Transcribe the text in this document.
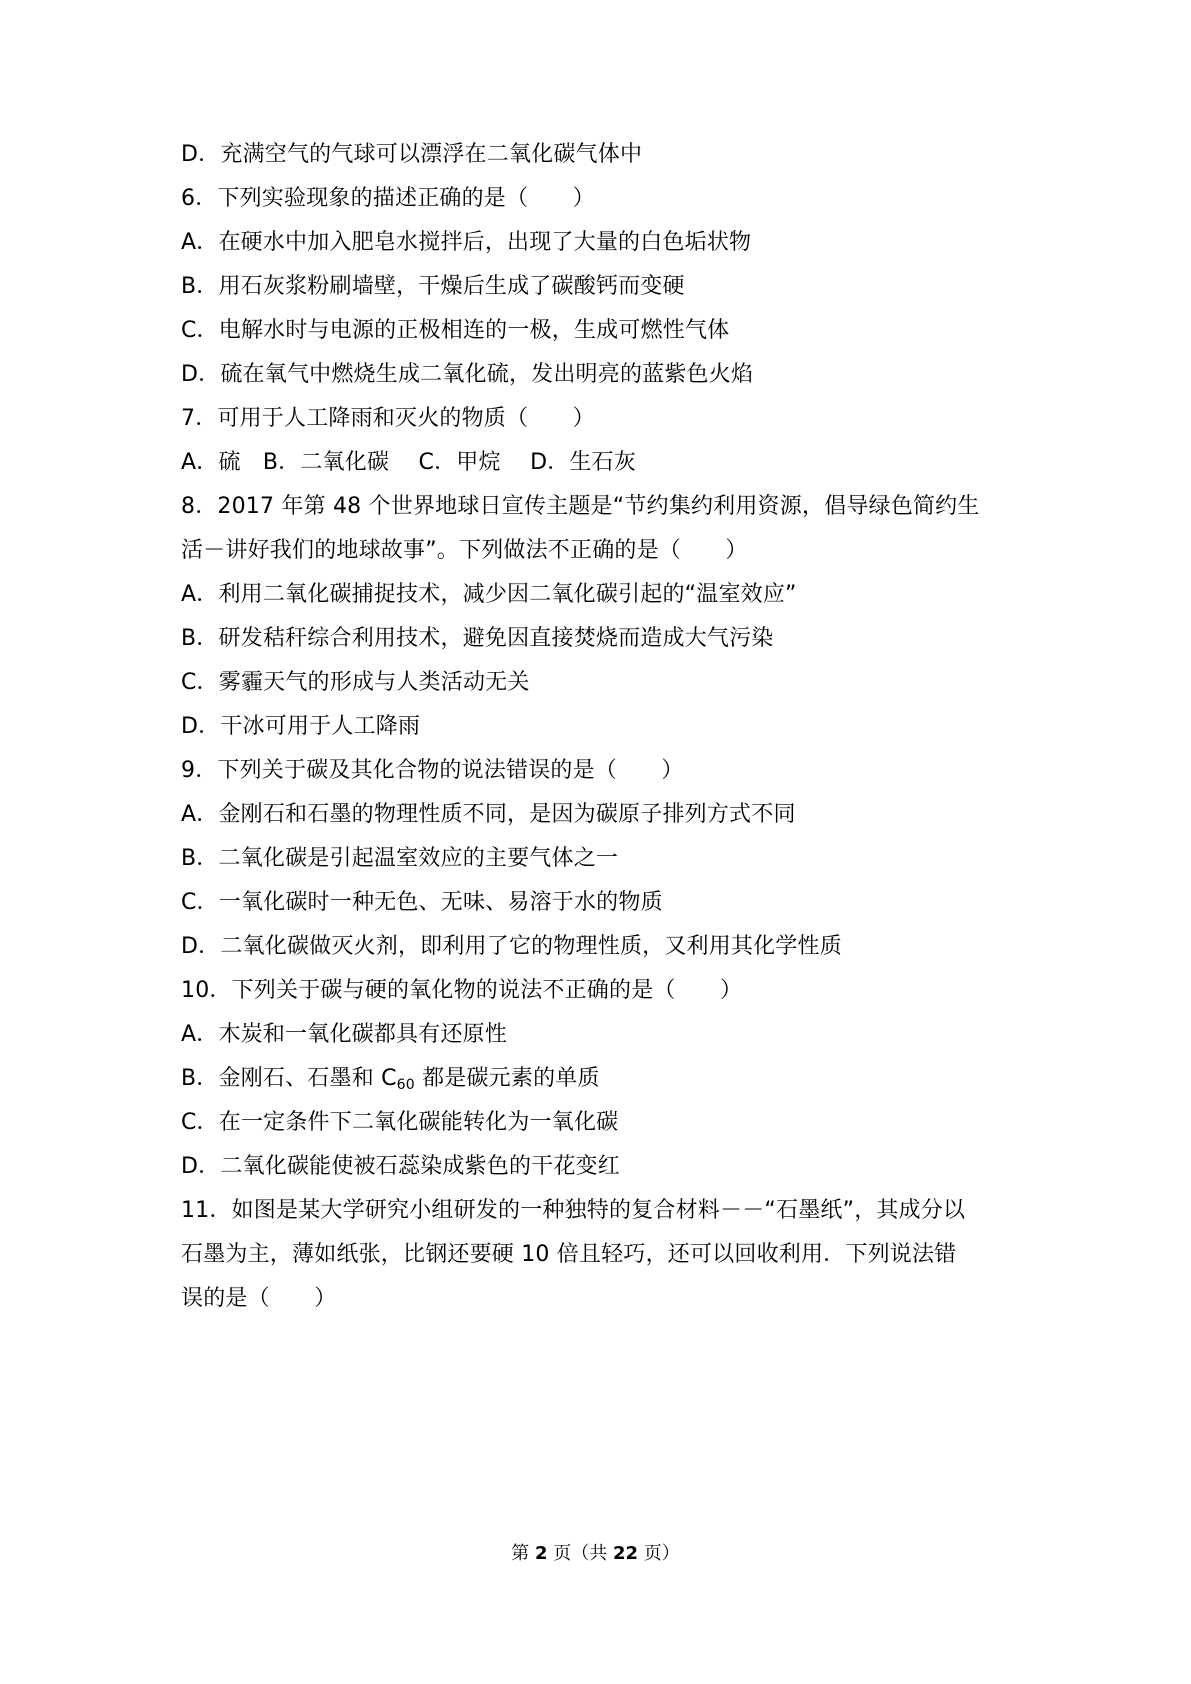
D．充满空气的气球可以漂浮在二氧化碳气体中
6．下列实验现象的描述正确的是（　　）
A．在硬水中加入肥皂水搅拌后，出现了大量的白色垢状物
B．用石灰浆粉刷墙壁，干燥后生成了碳酸钙而变硬
C．电解水时与电源的正极相连的一极，生成可燃性气体
D．硫在氧气中燃烧生成二氧化硫，发出明亮的蓝紫色火焰
7．可用于人工降雨和灭火的物质（　　）
A．硫　B．二氧化碳　 C．甲烷　 D．生石灰
8．2017 年第 48 个世界地球日宣传主题是“节约集约利用资源，倡导绿色简约生
活－讲好我们的地球故事”。下列做法不正确的是（　　）
A．利用二氧化碳捕捉技术，减少因二氧化碳引起的“温室效应”
B．研发秸秆综合利用技术，避免因直接焚烧而造成大气污染
C．雾霾天气的形成与人类活动无关
D．干冰可用于人工降雨
9．下列关于碳及其化合物的说法错误的是（　　）
A．金刚石和石墨的物理性质不同，是因为碳原子排列方式不同
B．二氧化碳是引起温室效应的主要气体之一
C．一氧化碳时一种无色、无味、易溶于水的物质
D．二氧化碳做灭火剂，即利用了它的物理性质，又利用其化学性质
10．下列关于碳与硬的氧化物的说法不正确的是（　　）
A．木炭和一氧化碳都具有还原性
B．金刚石、石墨和 $C_{60}$ 都是碳元素的单质
C．在一定条件下二氧化碳能转化为一氧化碳
D．二氧化碳能使被石蕊染成紫色的干花变红
11．如图是某大学研究小组研发的一种独特的复合材料－－“石墨纸”，其成分以
石墨为主，薄如纸张，比钢还要硬 10 倍且轻巧，还可以回收利用．下列说法错
误的是（　　）
第 2 页（共 22 页）
